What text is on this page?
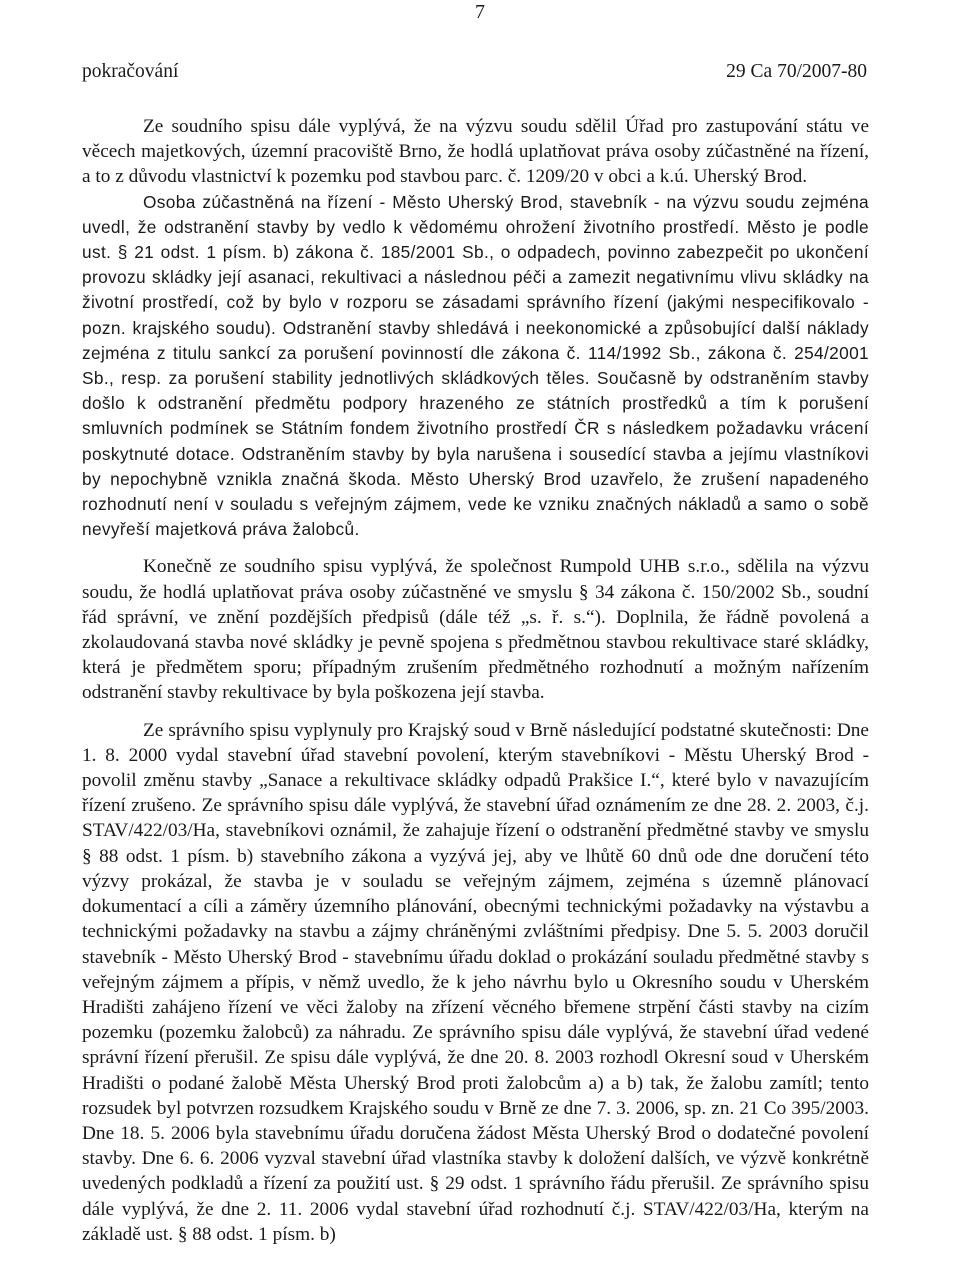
7
pokračování	29 Ca 70/2007-80

Ze soudního spisu dále vyplývá, že na výzvu soudu sdělil Úřad pro zastupování státu ve věcech majetkových, územní pracoviště Brno, že hodlá uplatňovat práva osoby zúčastněné na řízení, a to z důvodu vlastnictví k pozemku pod stavbou parc. č. 1209/20 v obci a k.ú. Uherský Brod.

Osoba zúčastněná na řízení - Město Uherský Brod, stavebník - na výzvu soudu zejména uvedl, že odstranění stavby by vedlo k vědomému ohrožení životního prostředí. Město je podle ust. § 21 odst. 1 písm. b) zákona č. 185/2001 Sb., o odpadech, povinno zabezpečit po ukončení provozu skládky její asanaci, rekultivaci a následnou péči a zamezit negativnímu vlivu skládky na životní prostředí, což by bylo v rozporu se zásadami správního řízení (jakými nespecifikovalo - pozn. krajského soudu). Odstranění stavby shledává i neekonomické a způsobující další náklady zejména z titulu sankcí za porušení povinností dle zákona č. 114/1992 Sb., zákona č. 254/2001 Sb., resp. za porušení stability jednotlivých skládkových těles. Současně by odstraněním stavby došlo k odstranění předmětu podpory hrazeného ze státních prostředků a tím k porušení smluvních podmínek se Státním fondem životního prostředí ČR s následkem požadavku vrácení poskytnuté dotace. Odstraněním stavby by byla narušena i sousedící stavba a jejímu vlastníkovi by nepochybně vznikla značná škoda. Město Uherský Brod uzavřelo, že zrušení napadeného rozhodnutí není v souladu s veřejným zájmem, vede ke vzniku značných nákladů a samo o sobě nevyřeší majetková práva žalobců.

Konečně ze soudního spisu vyplývá, že společnost Rumpold UHB s.r.o., sdělila na výzvu soudu, že hodlá uplatňovat práva osoby zúčastněné ve smyslu § 34 zákona č. 150/2002 Sb., soudní řád správní, ve znění pozdějších předpisů (dále též „s. ř. s.“). Doplnila, že řádně povolená a zkolaudovaná stavba nové skládky je pevně spojena s předmětnou stavbou rekultivace staré skládky, která je předmětem sporu; případným zrušením předmětného rozhodnutí a možným nařízením odstranění stavby rekultivace by byla poškozena její stavba.

Ze správního spisu vyplynuly pro Krajský soud v Brně následující podstatné skutečnosti: Dne 1. 8. 2000 vydal stavební úřad stavební povolení, kterým stavebníkovi - Městu Uherský Brod - povolil změnu stavby „Sanace a rekultivace skládky odpadů Prakšice I.“, které bylo v navazujícím řízení zrušeno. Ze správního spisu dále vyplývá, že stavební úřad oznámením ze dne 28. 2. 2003, č.j. STAV/422/03/Ha, stavebníkovi oznámil, že zahajuje řízení o odstranění předmětné stavby ve smyslu § 88 odst. 1 písm. b) stavebního zákona a vyzývá jej, aby ve lhůtě 60 dnů ode dne doručení této výzvy prokázal, že stavba je v souladu se veřejným zájmem, zejména s územně plánovací dokumentací a cíli a záměry územního plánování, obecnými technickými požadavky na výstavbu a technickými požadavky na stavbu a zájmy chráněnými zvláštními předpisy. Dne 5. 5. 2003 doručil stavebník - Město Uherský Brod - stavebnímu úřadu doklad o prokázání souladu předmětné stavby s veřejným zájmem a přípis, v němž uvedlo, že k jeho návrhu bylo u Okresního soudu v Uherském Hradišti zahájeno řízení ve věci žaloby na zřízení věcného břemene strpění části stavby na cizím pozemku (pozemku žalobců) za náhradu. Ze správního spisu dále vyplývá, že stavební úřad vedené správní řízení přerušil. Ze spisu dále vyplývá, že dne 20. 8. 2003 rozhodl Okresní soud v Uherském Hradišti o podané žalobě Města Uherský Brod proti žalobcům a) a b) tak, že žalobu zamítl; tento rozsudek byl potvrzen rozsudkem Krajského soudu v Brně ze dne 7. 3. 2006, sp. zn. 21 Co 395/2003. Dne 18. 5. 2006 byla stavebnímu úřadu doručena žádost Města Uherský Brod o dodatečné povolení stavby. Dne 6. 6. 2006 vyzval stavební úřad vlastníka stavby k doložení dalších, ve výzvě konkrétně uvedených podkladů a řízení za použití ust. § 29 odst. 1 správního řádu přerušil. Ze správního spisu dále vyplývá, že dne 2. 11. 2006 vydal stavební úřad rozhodnutí č.j. STAV/422/03/Ha, kterým na základě ust. § 88 odst. 1 písm. b)
